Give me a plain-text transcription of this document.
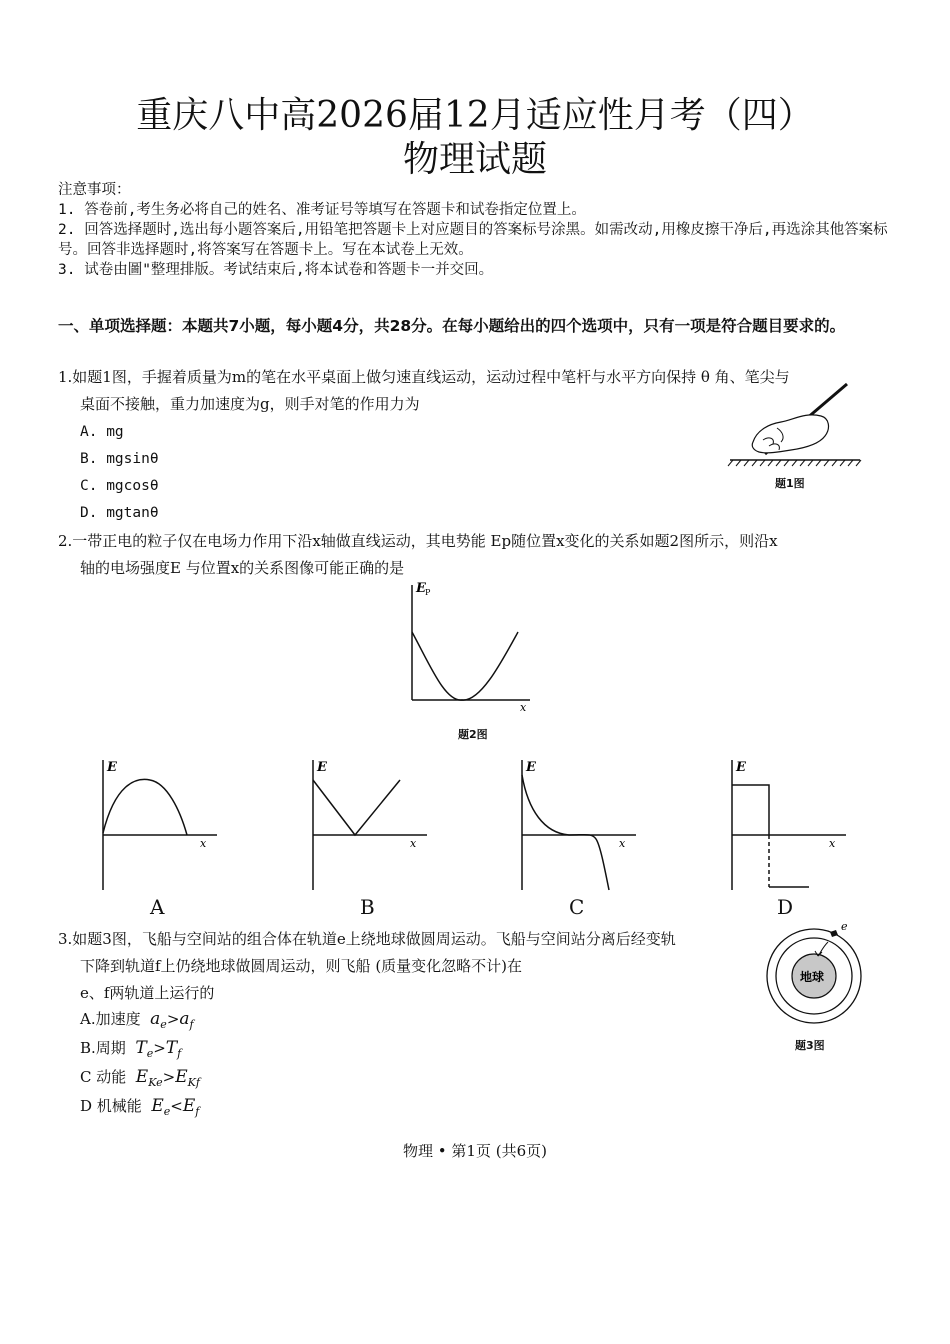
重庆八中高2026届12月适应性月考（四）
物理试题
注意事项：
1. 答卷前,考生务必将自己的姓名、准考证号等填写在答题卡和试卷指定位置上。
2. 回答选择题时,选出每小题答案后,用铅笔把答题卡上对应题目的答案标号涂黑。如需改动,用橡皮擦干净后,再选涂其他答案标号。回答非选择题时,将答案写在答题卡上。写在本试卷上无效。
3. 试卷由圖"整理排版。考试结束后,将本试卷和答题卡一并交回。
一、单项选择题：本题共7小题，每小题4分，共28分。在每小题给出的四个选项中，只有一项是符合题目要求的。
1.如题1图，手握着质量为m的笔在水平桌面上做匀速直线运动，运动过程中笔杆与水平方向保持 θ 角、笔尖与
桌面不接触，重力加速度为g，则手对笔的作用力为
A. mg
B. mgsinθ
C. mgcosθ
D. mgtanθ
题1图
2.一带正电的粒子仅在电场力作用下沿x轴做直线运动，其电势能 Ep随位置x变化的关系如题2图所示，则沿x
轴的电场强度E 与位置x的关系图像可能正确的是
E P
x
题2图
E
x
A
E
x
B
E
x
C
E
x
D
3.如题3图，飞船与空间站的组合体在轨道e上绕地球做圆周运动。飞船与空间站分离后经变轨
下降到轨道f上仍绕地球做圆周运动，则飞船 (质量变化忽略不计)在
e、f两轨道上运行的
A.加速度 $a_e>a_f$
B.周期 $T_e>T_f$
C 动能 $E_{Ke}>E_{Kf}$
D 机械能 $E_e<E_f$
e
地球
题3图
物理 • 第1页 (共6页)
